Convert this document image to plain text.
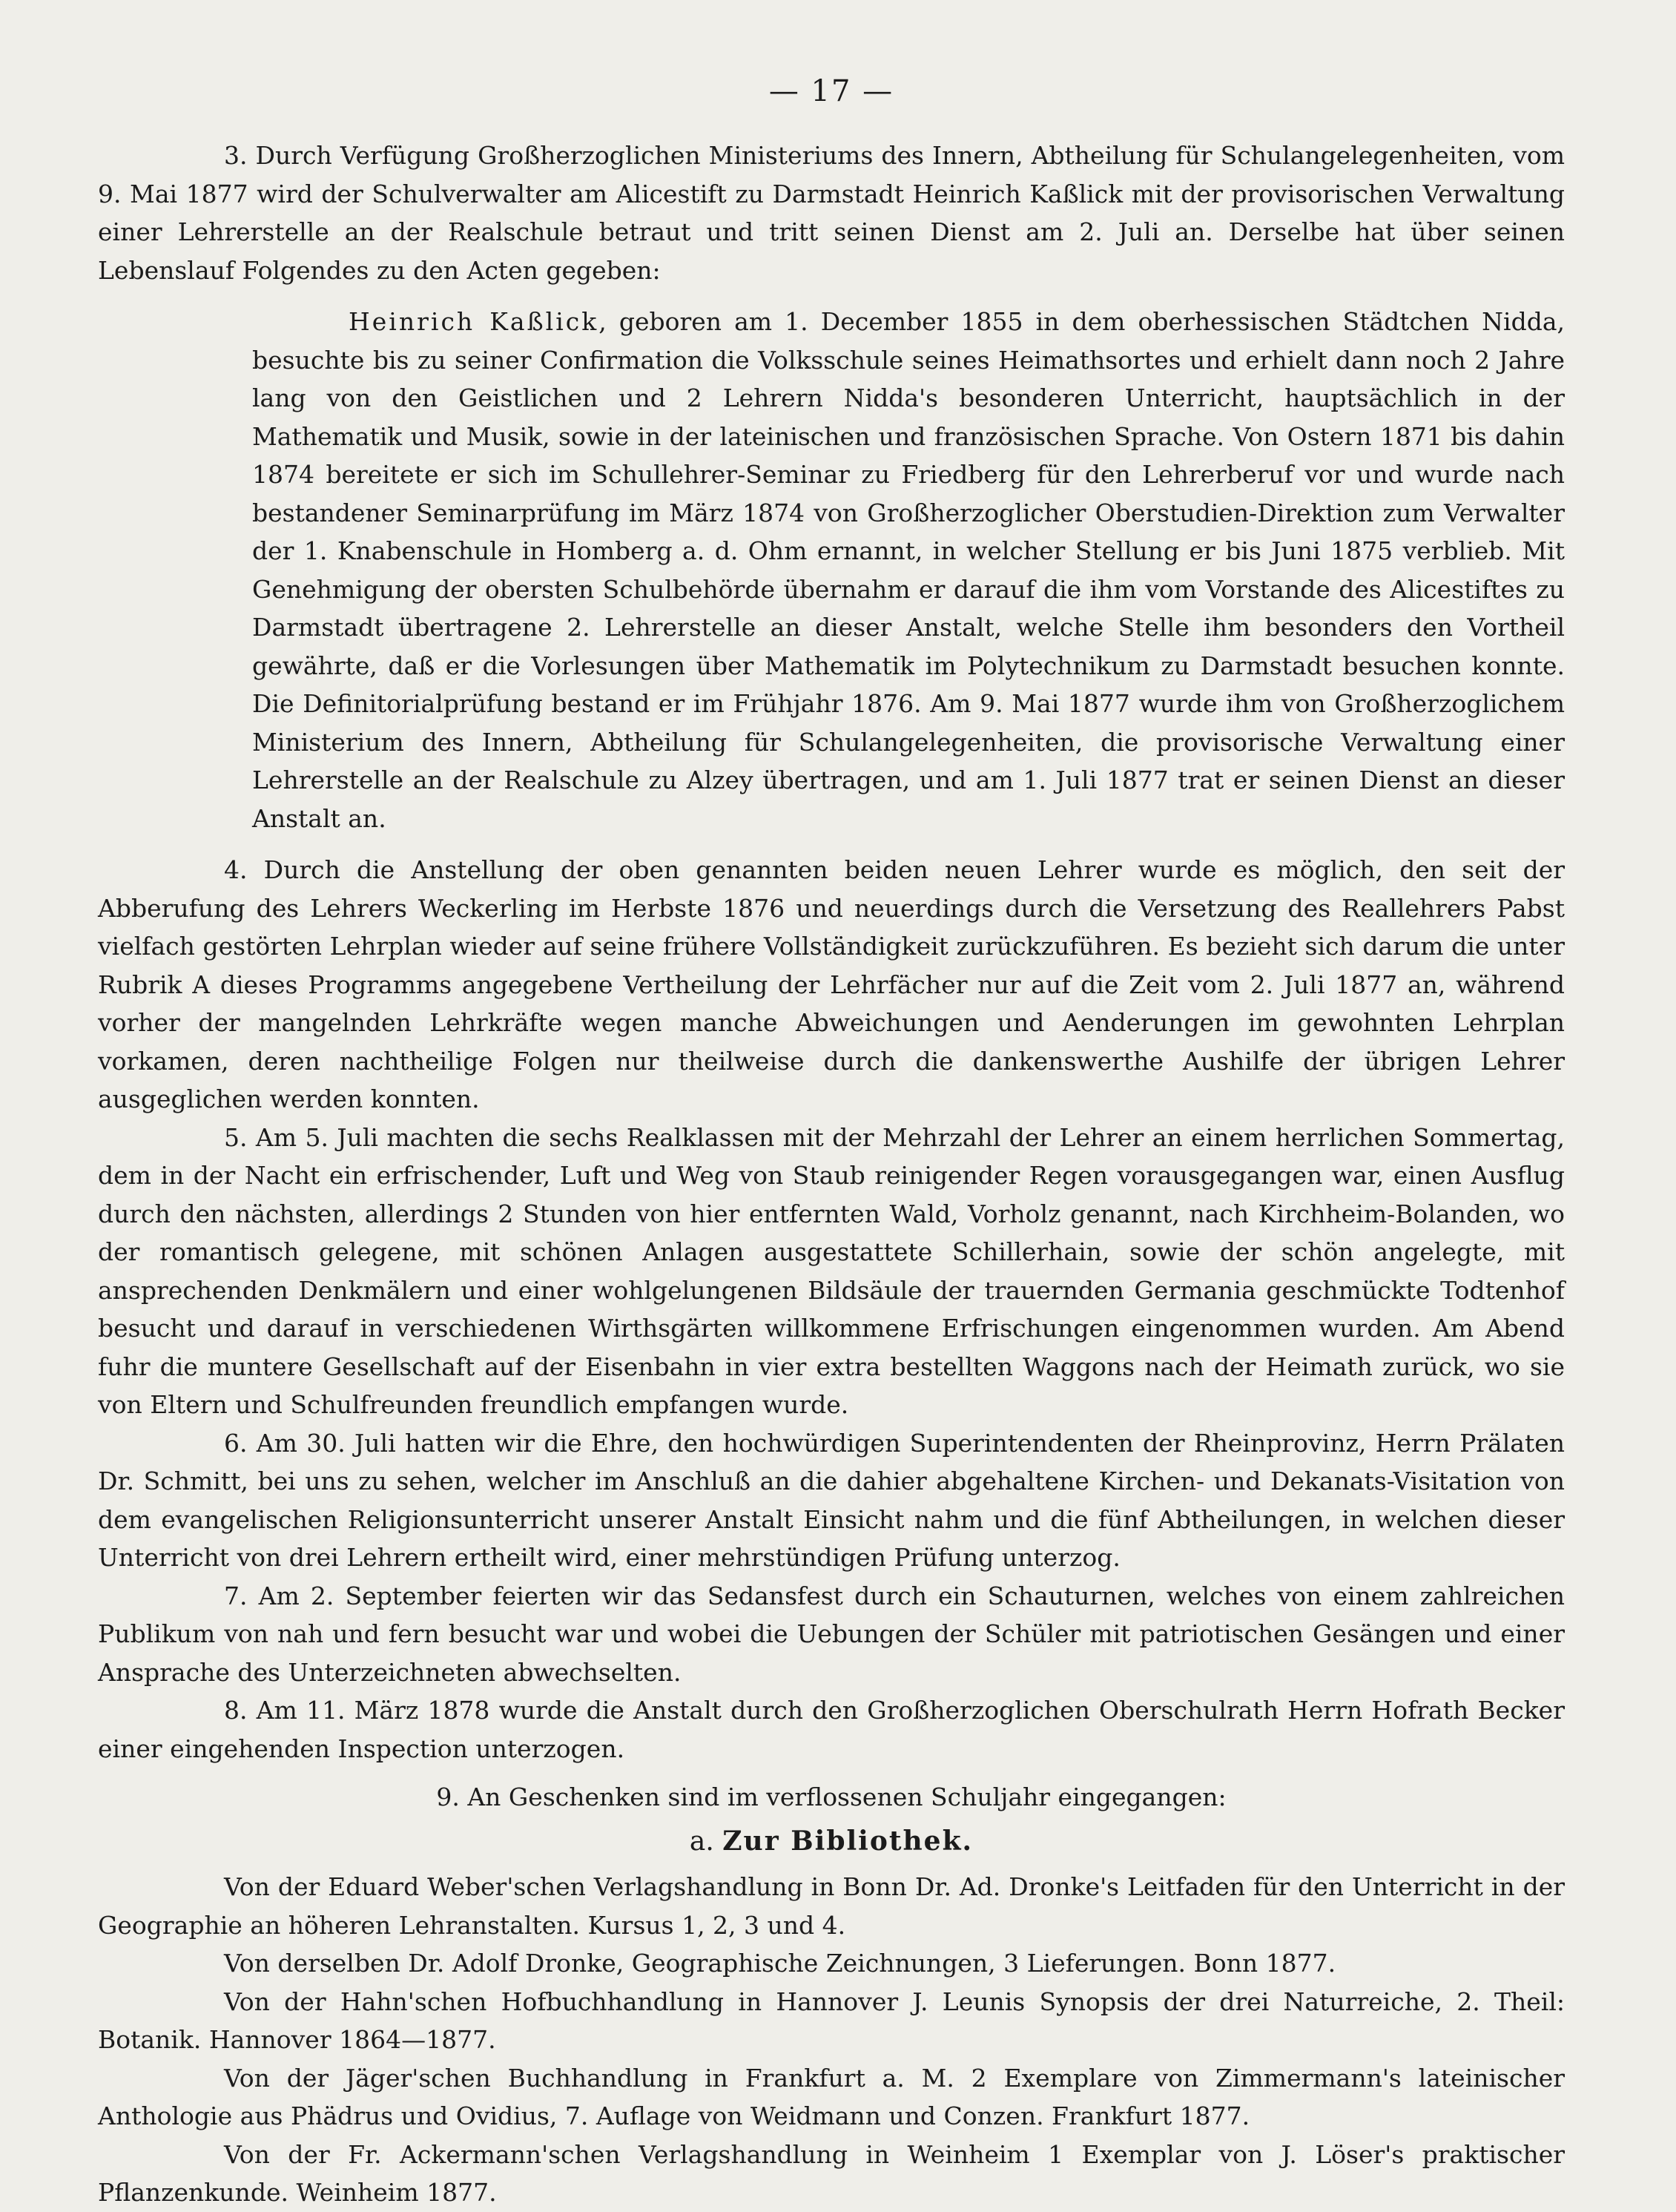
— 17 —

3. Durch Verfügung Großherzoglichen Ministeriums des Innern, Abtheilung für Schulangelegenheiten, vom 9. Mai 1877 wird der Schulverwalter am Alicestift zu Darmstadt Heinrich Kaßlick mit der provisorischen Verwaltung einer Lehrerstelle an der Realschule betraut und tritt seinen Dienst am 2. Juli an. Derselbe hat über seinen Lebenslauf Folgendes zu den Acten gegeben:

Heinrich Kaßlick, geboren am 1. December 1855 in dem oberhessischen Städtchen Nidda, besuchte bis zu seiner Confirmation die Volksschule seines Heimathsortes und erhielt dann noch 2 Jahre lang von den Geistlichen und 2 Lehrern Nidda's besonderen Unterricht, hauptsächlich in der Mathematik und Musik, sowie in der lateinischen und französischen Sprache. Von Ostern 1871 bis dahin 1874 bereitete er sich im Schullehrer-Seminar zu Friedberg für den Lehrerberuf vor und wurde nach bestandener Seminarprüfung im März 1874 von Großherzoglicher Oberstudien-Direktion zum Verwalter der 1. Knabenschule in Homberg a. d. Ohm ernannt, in welcher Stellung er bis Juni 1875 verblieb. Mit Genehmigung der obersten Schulbehörde übernahm er darauf die ihm vom Vorstande des Alicestiftes zu Darmstadt übertragene 2. Lehrerstelle an dieser Anstalt, welche Stelle ihm besonders den Vortheil gewährte, daß er die Vorlesungen über Mathematik im Polytechnikum zu Darmstadt besuchen konnte. Die Definitorialprüfung bestand er im Frühjahr 1876. Am 9. Mai 1877 wurde ihm von Großherzoglichem Ministerium des Innern, Abtheilung für Schulangelegenheiten, die provisorische Verwaltung einer Lehrerstelle an der Realschule zu Alzey übertragen, und am 1. Juli 1877 trat er seinen Dienst an dieser Anstalt an.

4. Durch die Anstellung der oben genannten beiden neuen Lehrer wurde es möglich, den seit der Abberufung des Lehrers Weckerling im Herbste 1876 und neuerdings durch die Versetzung des Reallehrers Pabst vielfach gestörten Lehrplan wieder auf seine frühere Vollständigkeit zurückzuführen. Es bezieht sich darum die unter Rubrik A dieses Programms angegebene Vertheilung der Lehrfächer nur auf die Zeit vom 2. Juli 1877 an, während vorher der mangelnden Lehrkräfte wegen manche Abweichungen und Aenderungen im gewohnten Lehrplan vorkamen, deren nachtheilige Folgen nur theilweise durch die dankenswerthe Aushilfe der übrigen Lehrer ausgeglichen werden konnten.

5. Am 5. Juli machten die sechs Realklassen mit der Mehrzahl der Lehrer an einem herrlichen Sommertag, dem in der Nacht ein erfrischender, Luft und Weg von Staub reinigender Regen vorausgegangen war, einen Ausflug durch den nächsten, allerdings 2 Stunden von hier entfernten Wald, Vorholz genannt, nach Kirchheim-Bolanden, wo der romantisch gelegene, mit schönen Anlagen ausgestattete Schillerhain, sowie der schön angelegte, mit ansprechenden Denkmälern und einer wohlgelungenen Bildsäule der trauernden Germania geschmückte Todtenhof besucht und darauf in verschiedenen Wirthsgärten willkommene Erfrischungen eingenommen wurden. Am Abend fuhr die muntere Gesellschaft auf der Eisenbahn in vier extra bestellten Waggons nach der Heimath zurück, wo sie von Eltern und Schulfreunden freundlich empfangen wurde.

6. Am 30. Juli hatten wir die Ehre, den hochwürdigen Superintendenten der Rheinprovinz, Herrn Prälaten Dr. Schmitt, bei uns zu sehen, welcher im Anschluß an die dahier abgehaltene Kirchen- und Dekanats-Visitation von dem evangelischen Religionsunterricht unserer Anstalt Einsicht nahm und die fünf Abtheilungen, in welchen dieser Unterricht von drei Lehrern ertheilt wird, einer mehrstündigen Prüfung unterzog.

7. Am 2. September feierten wir das Sedansfest durch ein Schauturnen, welches von einem zahlreichen Publikum von nah und fern besucht war und wobei die Uebungen der Schüler mit patriotischen Gesängen und einer Ansprache des Unterzeichneten abwechselten.

8. Am 11. März 1878 wurde die Anstalt durch den Großherzoglichen Oberschulrath Herrn Hofrath Becker einer eingehenden Inspection unterzogen.

9. An Geschenken sind im verflossenen Schuljahr eingegangen:

a. Zur Bibliothek.

Von der Eduard Weber'schen Verlagshandlung in Bonn Dr. Ad. Dronke's Leitfaden für den Unterricht in der Geographie an höheren Lehranstalten. Kursus 1, 2, 3 und 4.

Von derselben Dr. Adolf Dronke, Geographische Zeichnungen, 3 Lieferungen. Bonn 1877.

Von der Hahn'schen Hofbuchhandlung in Hannover J. Leunis Synopsis der drei Naturreiche, 2. Theil: Botanik. Hannover 1864—1877.

Von der Jäger'schen Buchhandlung in Frankfurt a. M. 2 Exemplare von Zimmermann's lateinischer Anthologie aus Phädrus und Ovidius, 7. Auflage von Weidmann und Conzen. Frankfurt 1877.

Von der Fr. Ackermann'schen Verlagshandlung in Weinheim 1 Exemplar von J. Löser's praktischer Pflanzenkunde. Weinheim 1877.
